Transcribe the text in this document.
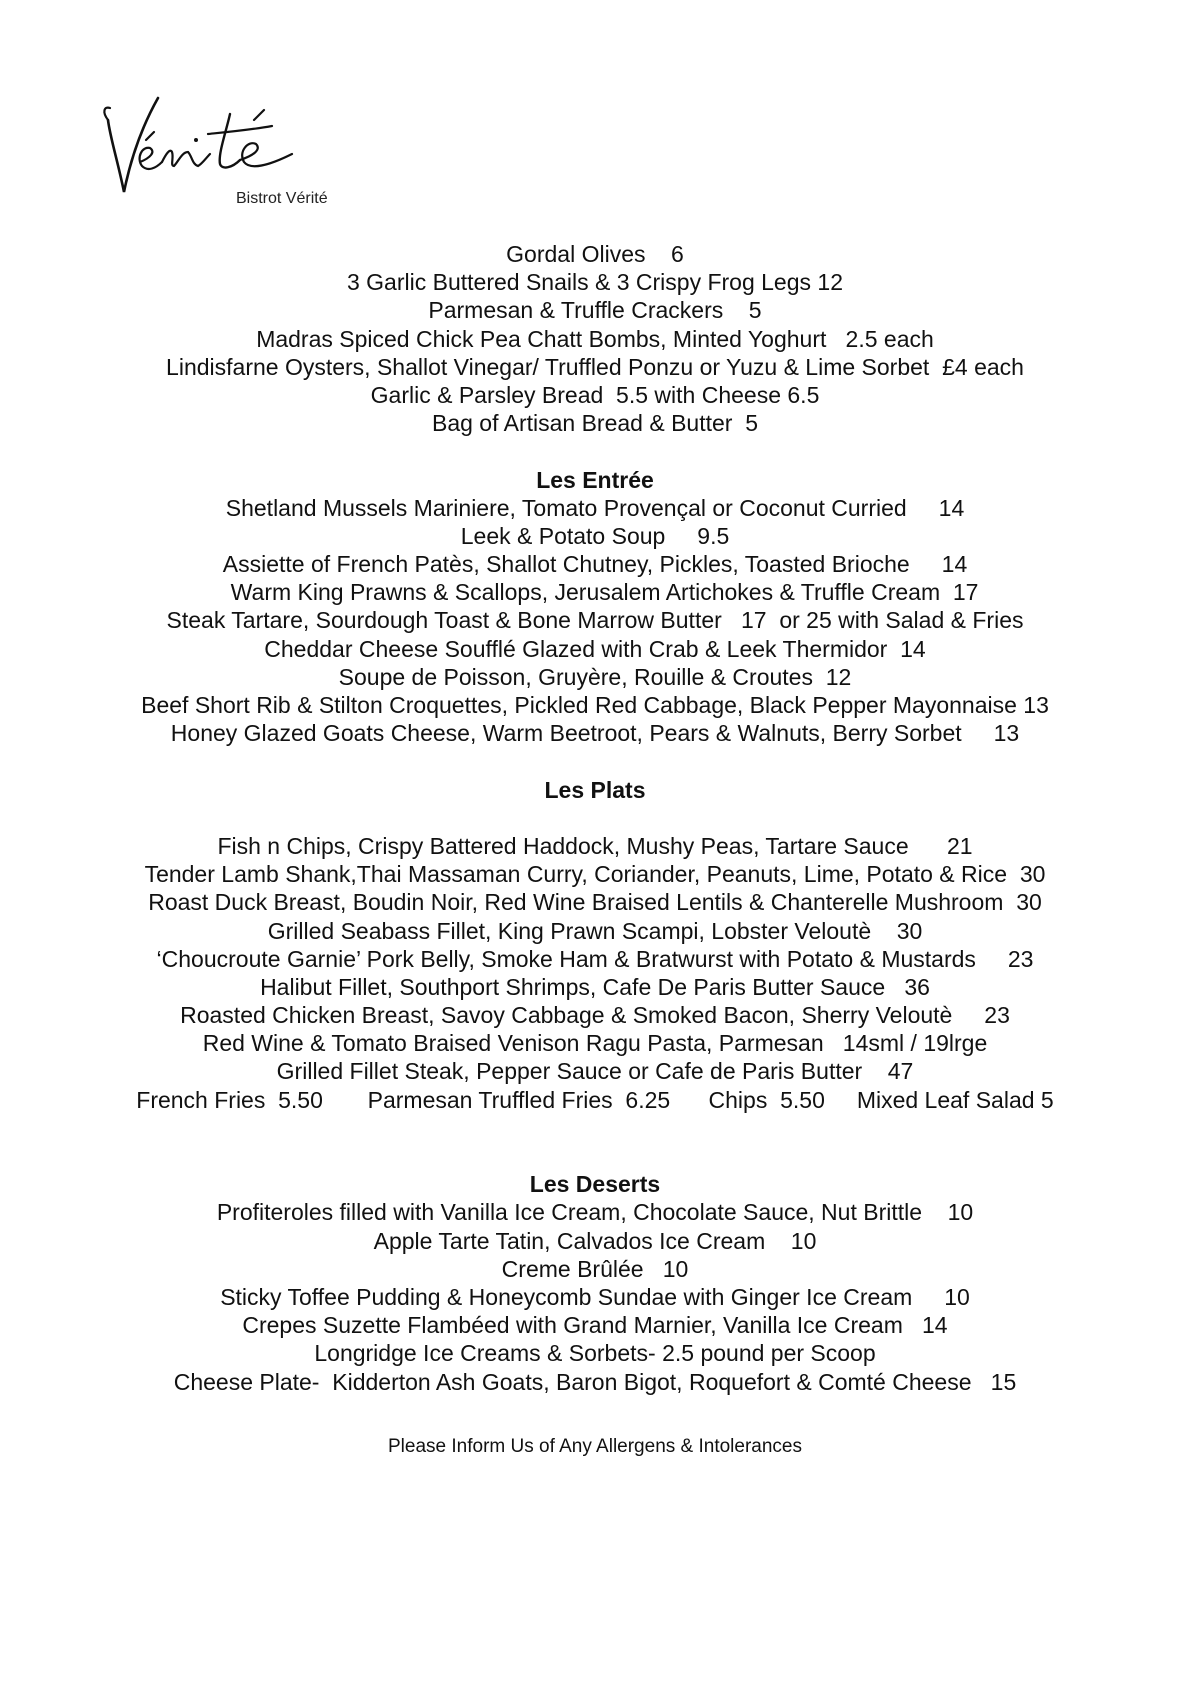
Bistrot Vérité
Gordal Olives    6
3 Garlic Buttered Snails & 3 Crispy Frog Legs 12
Parmesan & Truffle Crackers    5
Madras Spiced Chick Pea Chatt Bombs, Minted Yoghurt   2.5 each
Lindisfarne Oysters, Shallot Vinegar/ Truffled Ponzu or Yuzu & Lime Sorbet  £4 each
Garlic & Parsley Bread  5.5 with Cheese 6.5
Bag of Artisan Bread & Butter  5
Les Entrée
Shetland Mussels Mariniere, Tomato Provençal or Coconut Curried     14
Leek & Potato Soup     9.5
Assiette of French Patès, Shallot Chutney, Pickles, Toasted Brioche     14
Warm King Prawns & Scallops, Jerusalem Artichokes & Truffle Cream  17
Steak Tartare, Sourdough Toast & Bone Marrow Butter   17  or 25 with Salad & Fries
Cheddar Cheese Soufflé Glazed with Crab & Leek Thermidor  14
Soupe de Poisson, Gruyère, Rouille & Croutes  12
Beef Short Rib & Stilton Croquettes, Pickled Red Cabbage, Black Pepper Mayonnaise 13
Honey Glazed Goats Cheese, Warm Beetroot, Pears & Walnuts, Berry Sorbet     13
Les Plats
Fish n Chips, Crispy Battered Haddock, Mushy Peas, Tartare Sauce      21
Tender Lamb Shank,Thai Massaman Curry, Coriander, Peanuts, Lime, Potato & Rice  30
Roast Duck Breast, Boudin Noir, Red Wine Braised Lentils & Chanterelle Mushroom  30
Grilled Seabass Fillet, King Prawn Scampi, Lobster Veloutè    30
‘Choucroute Garnie’ Pork Belly, Smoke Ham & Bratwurst with Potato & Mustards     23
Halibut Fillet, Southport Shrimps, Cafe De Paris Butter Sauce   36
Roasted Chicken Breast, Savoy Cabbage & Smoked Bacon, Sherry Veloutè     23
Red Wine & Tomato Braised Venison Ragu Pasta, Parmesan   14sml / 19lrge
Grilled Fillet Steak, Pepper Sauce or Cafe de Paris Butter    47
French Fries  5.50       Parmesan Truffled Fries  6.25      Chips  5.50     Mixed Leaf Salad 5
Les Deserts
Profiteroles filled with Vanilla Ice Cream, Chocolate Sauce, Nut Brittle    10
Apple Tarte Tatin, Calvados Ice Cream    10
Creme Brûlée   10
Sticky Toffee Pudding & Honeycomb Sundae with Ginger Ice Cream     10
Crepes Suzette Flambéed with Grand Marnier, Vanilla Ice Cream   14
Longridge Ice Creams & Sorbets- 2.5 pound per Scoop
Cheese Plate-  Kidderton Ash Goats, Baron Bigot, Roquefort & Comté Cheese   15
Please Inform Us of Any Allergens & Intolerances
